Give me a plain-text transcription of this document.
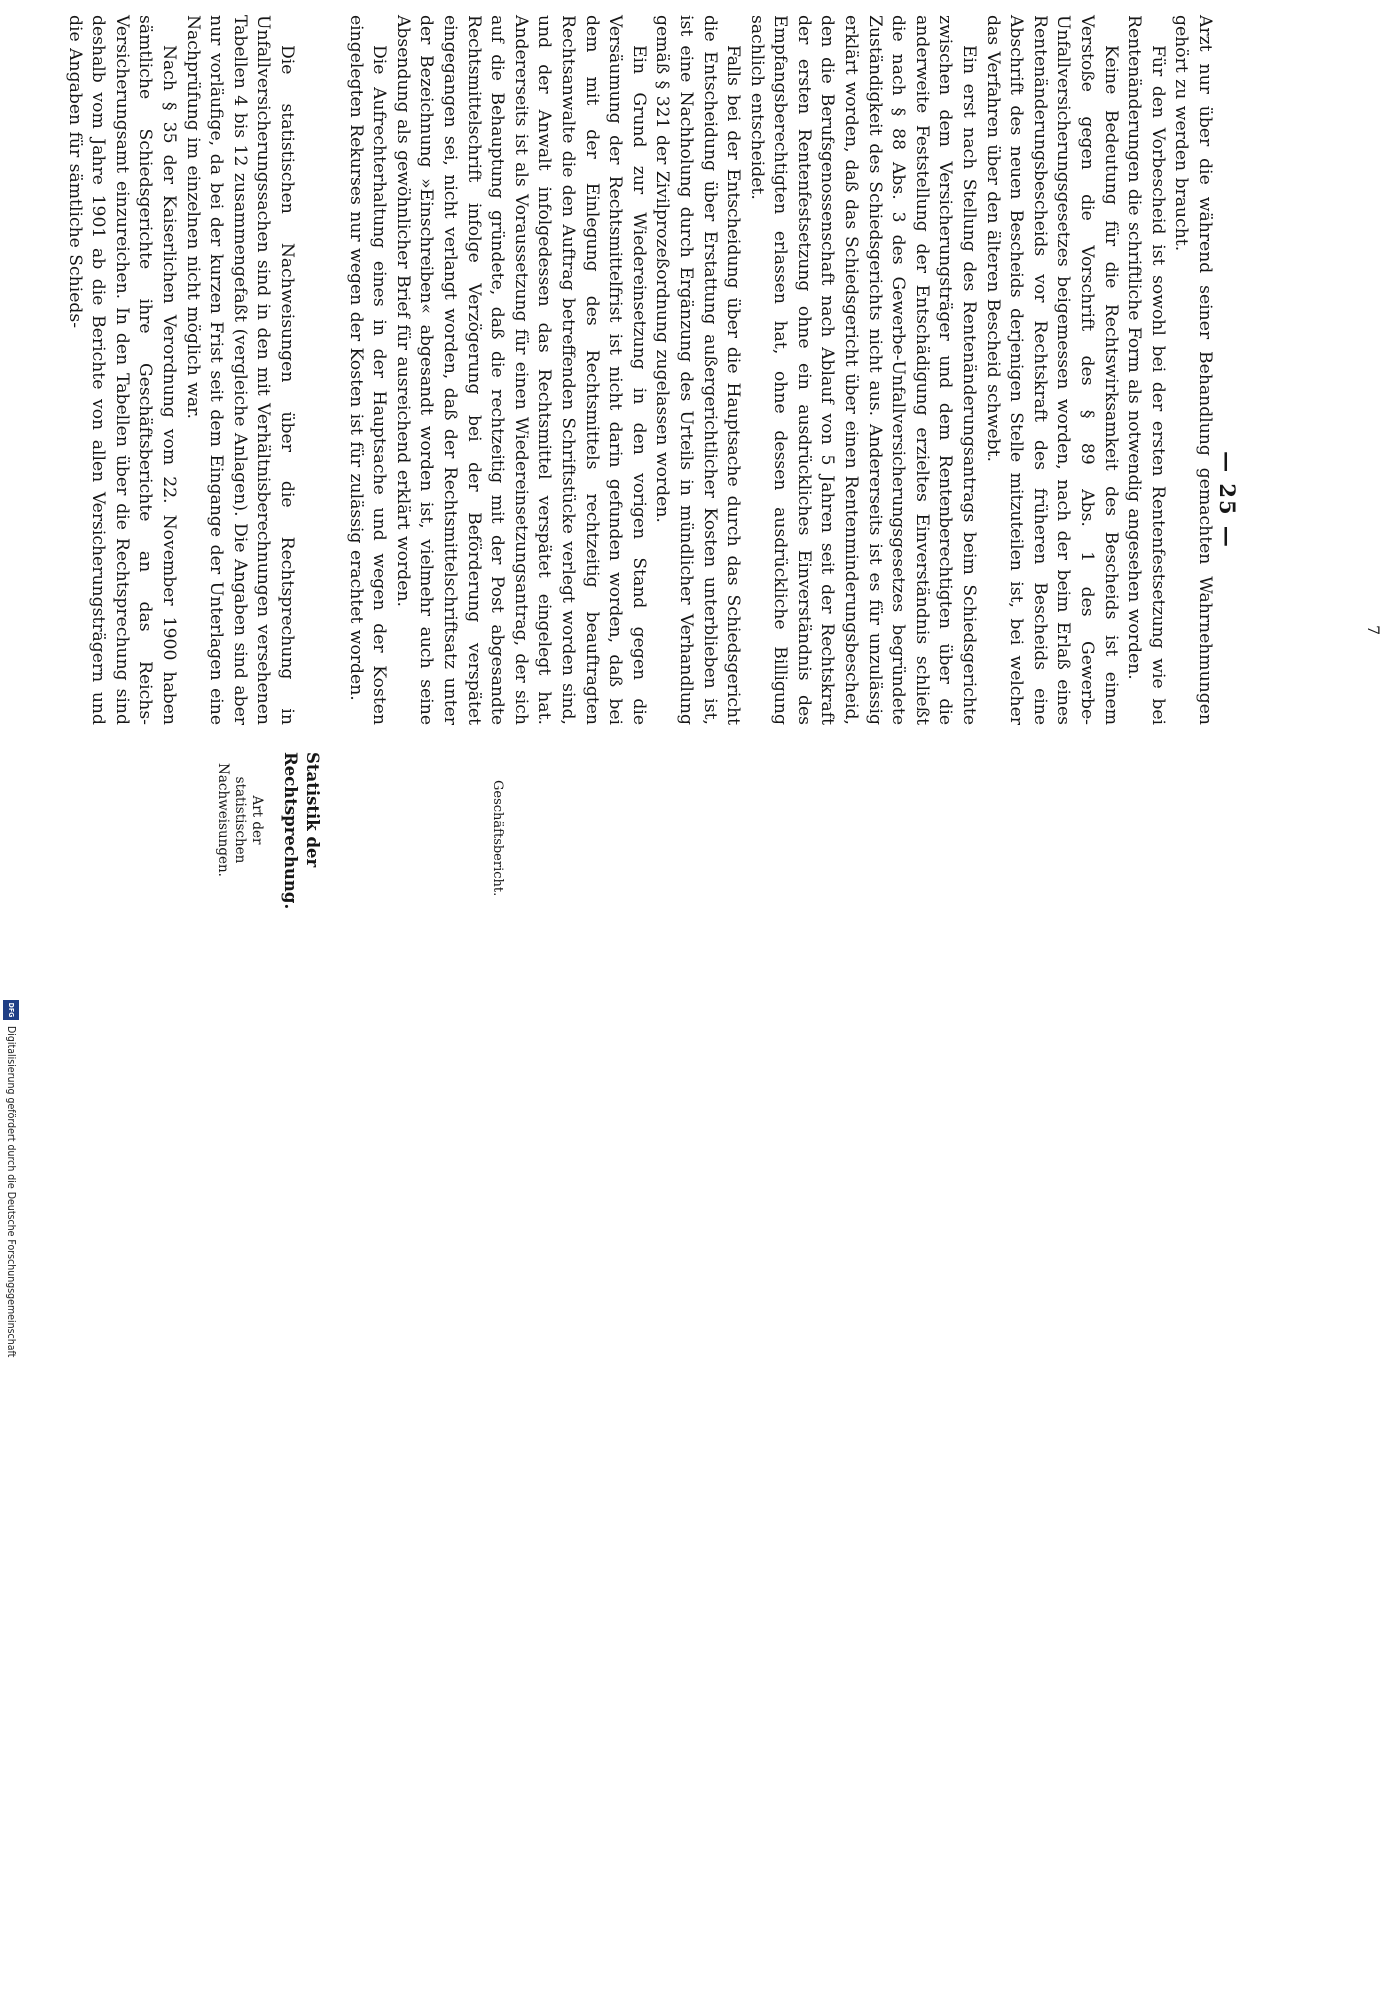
7
— 25 —

Arzt nur über die während seiner Behandlung gemachten Wahrnehmungen gehört zu werden braucht.

Für den Vorbescheid ist sowohl bei der ersten Rentenfestsetzung wie bei Rentenänderungen die schriftliche Form als notwendig angesehen worden.

Keine Bedeutung für die Rechtswirksamkeit des Bescheids ist einem Verstoße gegen die Vorschrift des § 89 Abs. 1 des Gewerbe-Unfallversicherungsgesetzes beigemessen worden, nach der beim Erlaß eines Rentenänderungsbescheids vor Rechtskraft des früheren Bescheids eine Abschrift des neuen Bescheids derjenigen Stelle mitzuteilen ist, bei welcher das Verfahren über den älteren Bescheid schwebt.

Ein erst nach Stellung des Rentenänderungsantrags beim Schiedsgerichte zwischen dem Versicherungsträger und dem Rentenberechtigten über die anderweite Feststellung der Entschädigung erzieltes Einverständnis schließt die nach § 88 Abs. 3 des Gewerbe-Unfallversicherungsgesetzes begründete Zuständigkeit des Schiedsgerichts nicht aus. Andererseits ist es für unzulässig erklärt worden, daß das Schiedsgericht über einen Rentenminderungsbescheid, den die Berufsgenossenschaft nach Ablauf von 5 Jahren seit der Rechtskraft der ersten Rentenfestsetzung ohne ein ausdrückliches Einverständnis des Empfangsberechtigten erlassen hat, ohne dessen ausdrückliche Billigung sachlich entscheidet.

Falls bei der Entscheidung über die Hauptsache durch das Schiedsgericht die Entscheidung über Erstattung außergerichtlicher Kosten unterblieben ist, ist eine Nachholung durch Ergänzung des Urteils in mündlicher Verhandlung gemäß § 321 der Zivilprozeßordnung zugelassen worden.

Ein Grund zur Wiedereinsetzung in den vorigen Stand gegen die Versäumung der Rechtsmittelfrist ist nicht darin gefunden worden, daß bei dem mit der Einlegung des Rechtsmittels rechtzeitig beauftragten Rechtsanwalte die den Auftrag betreffenden Schriftstücke verlegt worden sind, und der Anwalt infolgedessen das Rechtsmittel verspätet eingelegt hat. Andererseits ist als Voraussetzung für einen Wiedereinsetzungsantrag, der sich auf die Behauptung gründete, daß die rechtzeitig mit der Post abgesandte Rechtsmittelschrift infolge Verzögerung bei der Beförderung verspätet eingegangen sei, nicht verlangt worden, daß der Rechtsmittelschriftsatz unter der Bezeichnung »Einschreiben« abgesandt worden ist, vielmehr auch seine Absendung als gewöhnlicher Brief für ausreichend erklärt worden.

Die Aufrechterhaltung eines in der Hauptsache und wegen der Kosten eingelegten Rekurses nur wegen der Kosten ist für zulässig erachtet worden.

Die statistischen Nachweisungen über die Rechtsprechung in Unfallversicherungssachen sind in den mit Verhältnisberechnungen versehenen Tabellen 4 bis 12 zusammengefaßt (vergleiche Anlagen). Die Angaben sind aber nur vorläufige, da bei der kurzen Frist seit dem Eingange der Unterlagen eine Nachprüfung im einzelnen nicht möglich war.

Nach § 35 der Kaiserlichen Verordnung vom 22. November 1900 haben sämtliche Schiedsgerichte ihre Geschäftsberichte an das Reichs-Versicherungsamt einzureichen. In den Tabellen über die Rechtsprechung sind deshalb vom Jahre 1901 ab die Berichte von allen Versicherungsträgern und die Angaben für sämtliche Schieds-

Geschäftsbericht.
Statistik der Rechtsprechung.
Art der statistischen Nachweisungen.
DFG
Digitalisierung gefördert durch die Deutsche Forschungsgemeinschaft
